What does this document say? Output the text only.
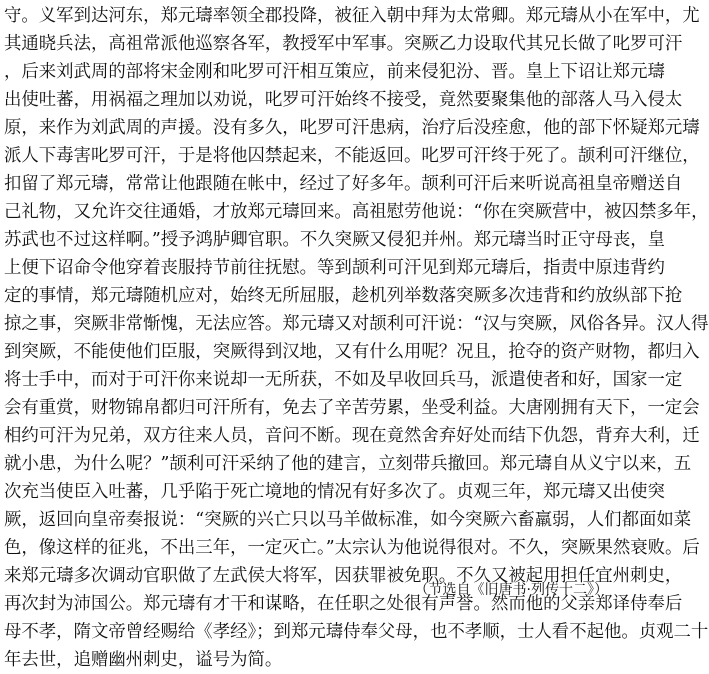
守。义军到达河东，郑元璹率领全郡投降，被征入朝中拜为太常卿。郑元璹从小在军中，尤
其通晓兵法，高祖常派他巡察各军，教授军中军事。突厥乙力设取代其兄长做了叱罗可汗
，后来刘武周的部将宋金刚和叱罗可汗相互策应，前来侵犯汾、晋。皇上下诏让郑元璹
出使吐蕃，用祸福之理加以劝说，叱罗可汗始终不接受，竟然要聚集他的部落人马入侵太
原，来作为刘武周的声援。没有多久，叱罗可汗患病，治疗后没痊愈，他的部下怀疑郑元璹
派人下毒害叱罗可汗，于是将他囚禁起来，不能返回。叱罗可汗终于死了。颉利可汗继位，
扣留了郑元璹，常常让他跟随在帐中，经过了好多年。颉利可汗后来听说高祖皇帝赠送自
己礼物，又允许交往通婚，才放郑元璹回来。高祖慰劳他说：“你在突厥营中，被囚禁多年，
苏武也不过这样啊。”授予鸿胪卿官职。不久突厥又侵犯并州。郑元璹当时正守母丧，皇
上便下诏命令他穿着丧服持节前往抚慰。等到颉利可汗见到郑元璹后，指责中原违背约
定的事情，郑元璹随机应对，始终无所屈服，趁机列举数落突厥多次违背和约放纵部下抢
掠之事，突厥非常惭愧，无法应答。郑元璹又对颉利可汗说：“汉与突厥，风俗各异。汉人得
到突厥，不能使他们臣服，突厥得到汉地，又有什么用呢？况且，抢夺的资产财物，都归入
将士手中，而对于可汗你来说却一无所获，不如及早收回兵马，派遣使者和好，国家一定
会有重赏，财物锦帛都归可汗所有，免去了辛苦劳累，坐受利益。大唐刚拥有天下，一定会
相约可汗为兄弟，双方往来人员，音问不断。现在竟然舍弃好处而结下仇怨，背弃大利，迁
就小患，为什么呢？”颉利可汗采纳了他的建言，立刻带兵撤回。郑元璹自从义宁以来，五
次充当使臣入吐蕃，几乎陷于死亡境地的情况有好多次了。贞观三年，郑元璹又出使突
厥，返回向皇帝奏报说：“突厥的兴亡只以马羊做标准，如今突厥六畜羸弱，人们都面如菜
色，像这样的征兆，不出三年，一定灭亡。”太宗认为他说得很对。不久，突厥果然衰败。后
来郑元璹多次调动官职做了左武侯大将军，因获罪被免职。不久又被起用担任宜州刺史，
再次封为沛国公。郑元璹有才干和谋略，在任职之处很有声誉。然而他的父亲郑译侍奉后
母不孝，隋文帝曾经赐给《孝经》；到郑元璹侍奉父母，也不孝顺，士人看不起他。贞观二十
年去世，追赠幽州刺史，谥号为简。
（节选自《旧唐书·列传十二》）
